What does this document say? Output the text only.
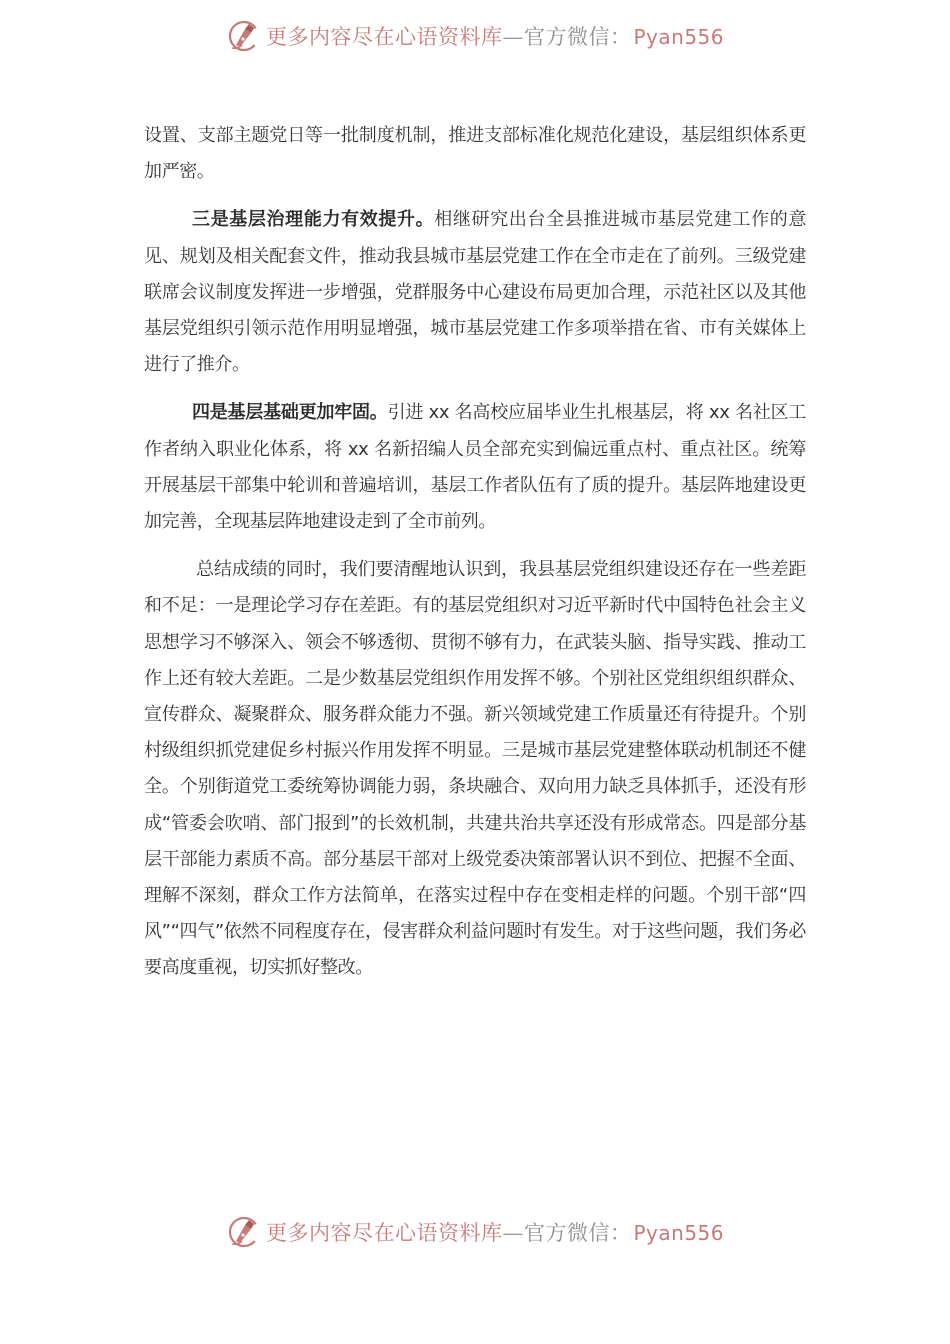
更多内容尽在心语资料库—官方微信： Pyan556

设置、支部主题党日等一批制度机制，推进支部标准化规范化建设，基层组织体系更加严密。

三是基层治理能力有效提升。相继研究出台全县推进城市基层党建工作的意见、规划及相关配套文件，推动我县城市基层党建工作在全市走在了前列。三级党建联席会议制度发挥进一步增强，党群服务中心建设布局更加合理，示范社区以及其他基层党组织引领示范作用明显增强，城市基层党建工作多项举措在省、市有关媒体上进行了推介。

四是基层基础更加牢固。引进 xx 名高校应届毕业生扎根基层，将 xx 名社区工作者纳入职业化体系，将 xx 名新招编人员全部充实到偏远重点村、重点社区。统筹开展基层干部集中轮训和普遍培训，基层工作者队伍有了质的提升。基层阵地建设更加完善，全现基层阵地建设走到了全市前列。

总结成绩的同时，我们要清醒地认识到，我县基层党组织建设还存在一些差距和不足：一是理论学习存在差距。有的基层党组织对习近平新时代中国特色社会主义思想学习不够深入、领会不够透彻、贯彻不够有力，在武装头脑、指导实践、推动工作上还有较大差距。二是少数基层党组织作用发挥不够。个别社区党组织组织群众、宣传群众、凝聚群众、服务群众能力不强。新兴领域党建工作质量还有待提升。个别村级组织抓党建促乡村振兴作用发挥不明显。三是城市基层党建整体联动机制还不健全。个别街道党工委统筹协调能力弱，条块融合、双向用力缺乏具体抓手，还没有形成“管委会吹哨、部门报到”的长效机制，共建共治共享还没有形成常态。四是部分基层干部能力素质不高。部分基层干部对上级党委决策部署认识不到位、把握不全面、理解不深刻，群众工作方法简单，在落实过程中存在变相走样的问题。个别干部“四风”“四气”依然不同程度存在，侵害群众利益问题时有发生。对于这些问题，我们务必要高度重视，切实抓好整改。

更多内容尽在心语资料库—官方微信： Pyan556
